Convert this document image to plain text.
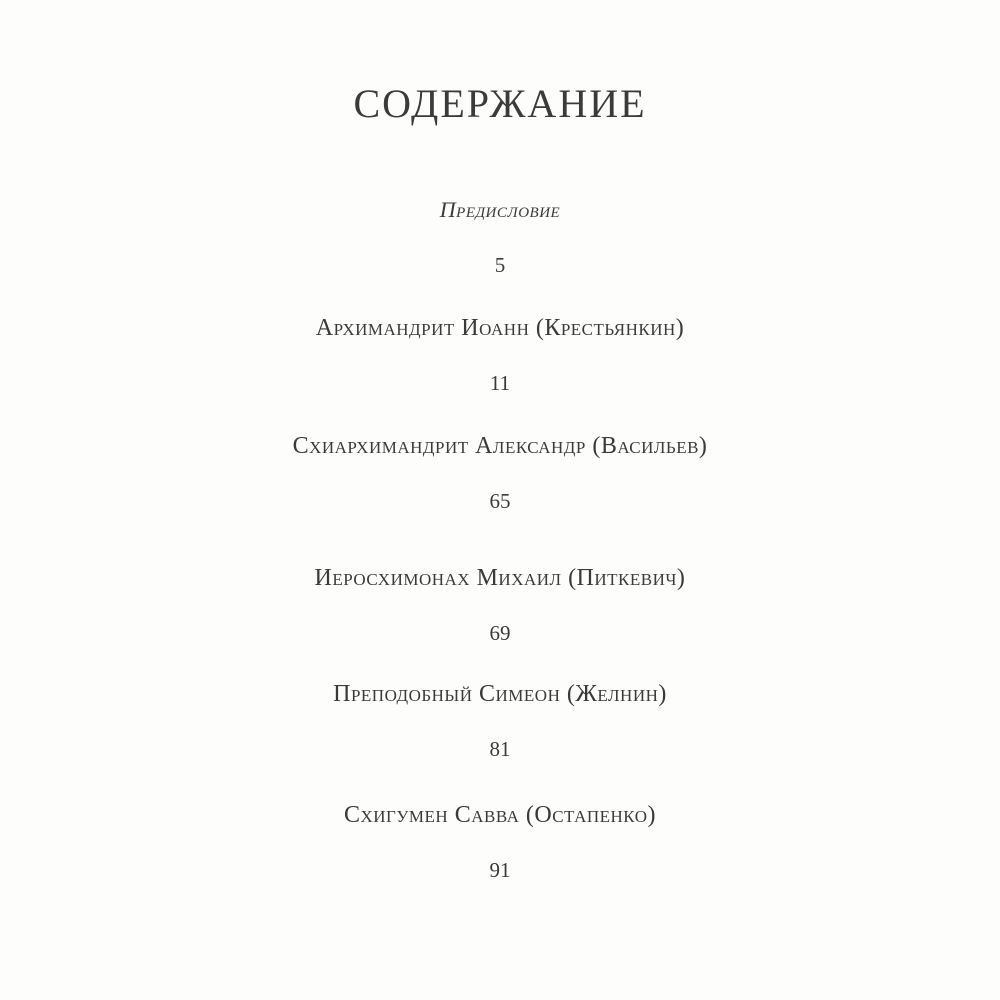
СОДЕРЖАНИЕ
Предисловие
5
Архимандрит Иоанн (Крестьянкин)
11
Схиархимандрит Александр (Васильев)
65
Иеросхимонах Михаил (Питкевич)
69
Преподобный Симеон (Желнин)
81
Схигумен Савва (Остапенко)
91
